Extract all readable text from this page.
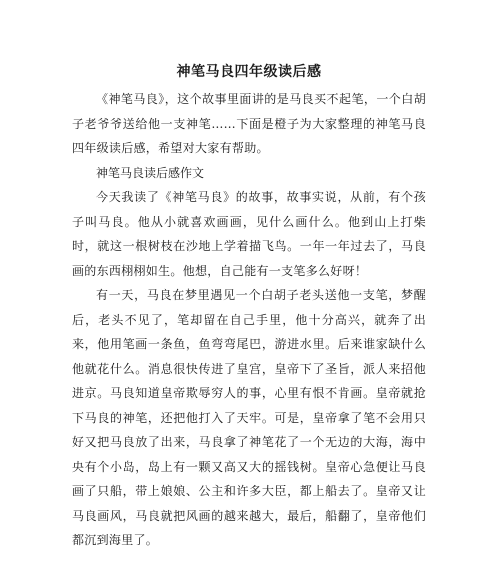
神笔马良四年级读后感

《神笔马良》，这个故事里面讲的是马良买不起笔，一个白胡子老爷爷送给他一支神笔……下面是橙子为大家整理的神笔马良四年级读后感，希望对大家有帮助。

神笔马良读后感作文

今天我读了《神笔马良》的故事，故事实说，从前，有个孩子叫马良。他从小就喜欢画画，见什么画什么。他到山上打柴时，就这一根树枝在沙地上学着描飞鸟。一年一年过去了，马良画的东西栩栩如生。他想，自己能有一支笔多么好呀！

有一天，马良在梦里遇见一个白胡子老头送他一支笔，梦醒后，老头不见了，笔却留在自己手里，他十分高兴，就奔了出来，他用笔画一条鱼，鱼弯弯尾巴，游进水里。后来谁家缺什么他就花什么。消息很快传进了皇宫，皇帝下了圣旨，派人来招他进京。马良知道皇帝欺辱穷人的事，心里有恨不肯画。皇帝就抢下马良的神笔，还把他打入了天牢。可是，皇帝拿了笔不会用只好又把马良放了出来，马良拿了神笔花了一个无边的大海，海中央有个小岛，岛上有一颗又高又大的摇钱树。皇帝心急便让马良画了只船，带上娘娘、公主和许多大臣，都上船去了。皇帝又让马良画风，马良就把风画的越来越大，最后，船翻了，皇帝他们都沉到海里了。
